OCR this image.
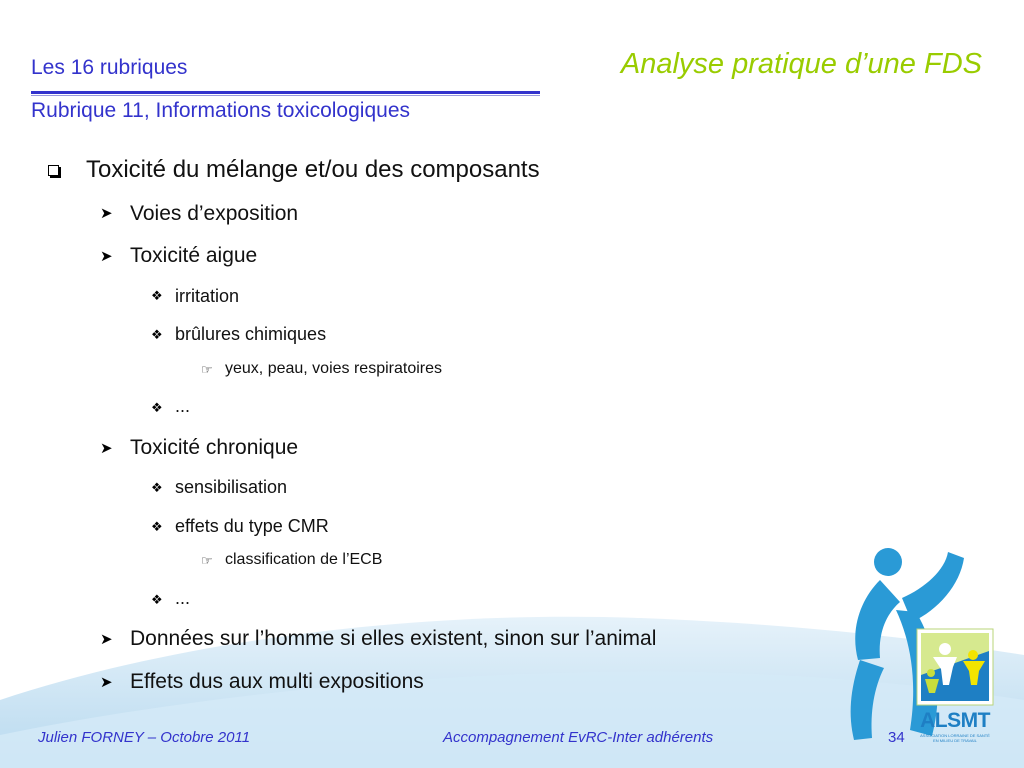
Les 16 rubriques	Analyse pratique d’une FDS
Rubrique 11, Informations toxicologiques
Toxicité du mélange et/ou des composants
➤ Voies d’exposition
➤ Toxicité aigue
❖ irritation
❖ brûlures chimiques
☞ yeux, peau, voies respiratoires
❖ ...
➤ Toxicité chronique
❖ sensibilisation
❖ effets du type CMR
☞ classification de l’ECB
❖ ...
➤ Données sur l’homme si elles existent, sinon sur l’animal
➤ Effets dus aux multi expositions
ALSMT
ASSOCIATION LORRAINE DE SANTÉ EN MILIEU DE TRAVAIL
Julien FORNEY – Octobre 2011	Accompagnement EvRC-Inter adhérents	34
